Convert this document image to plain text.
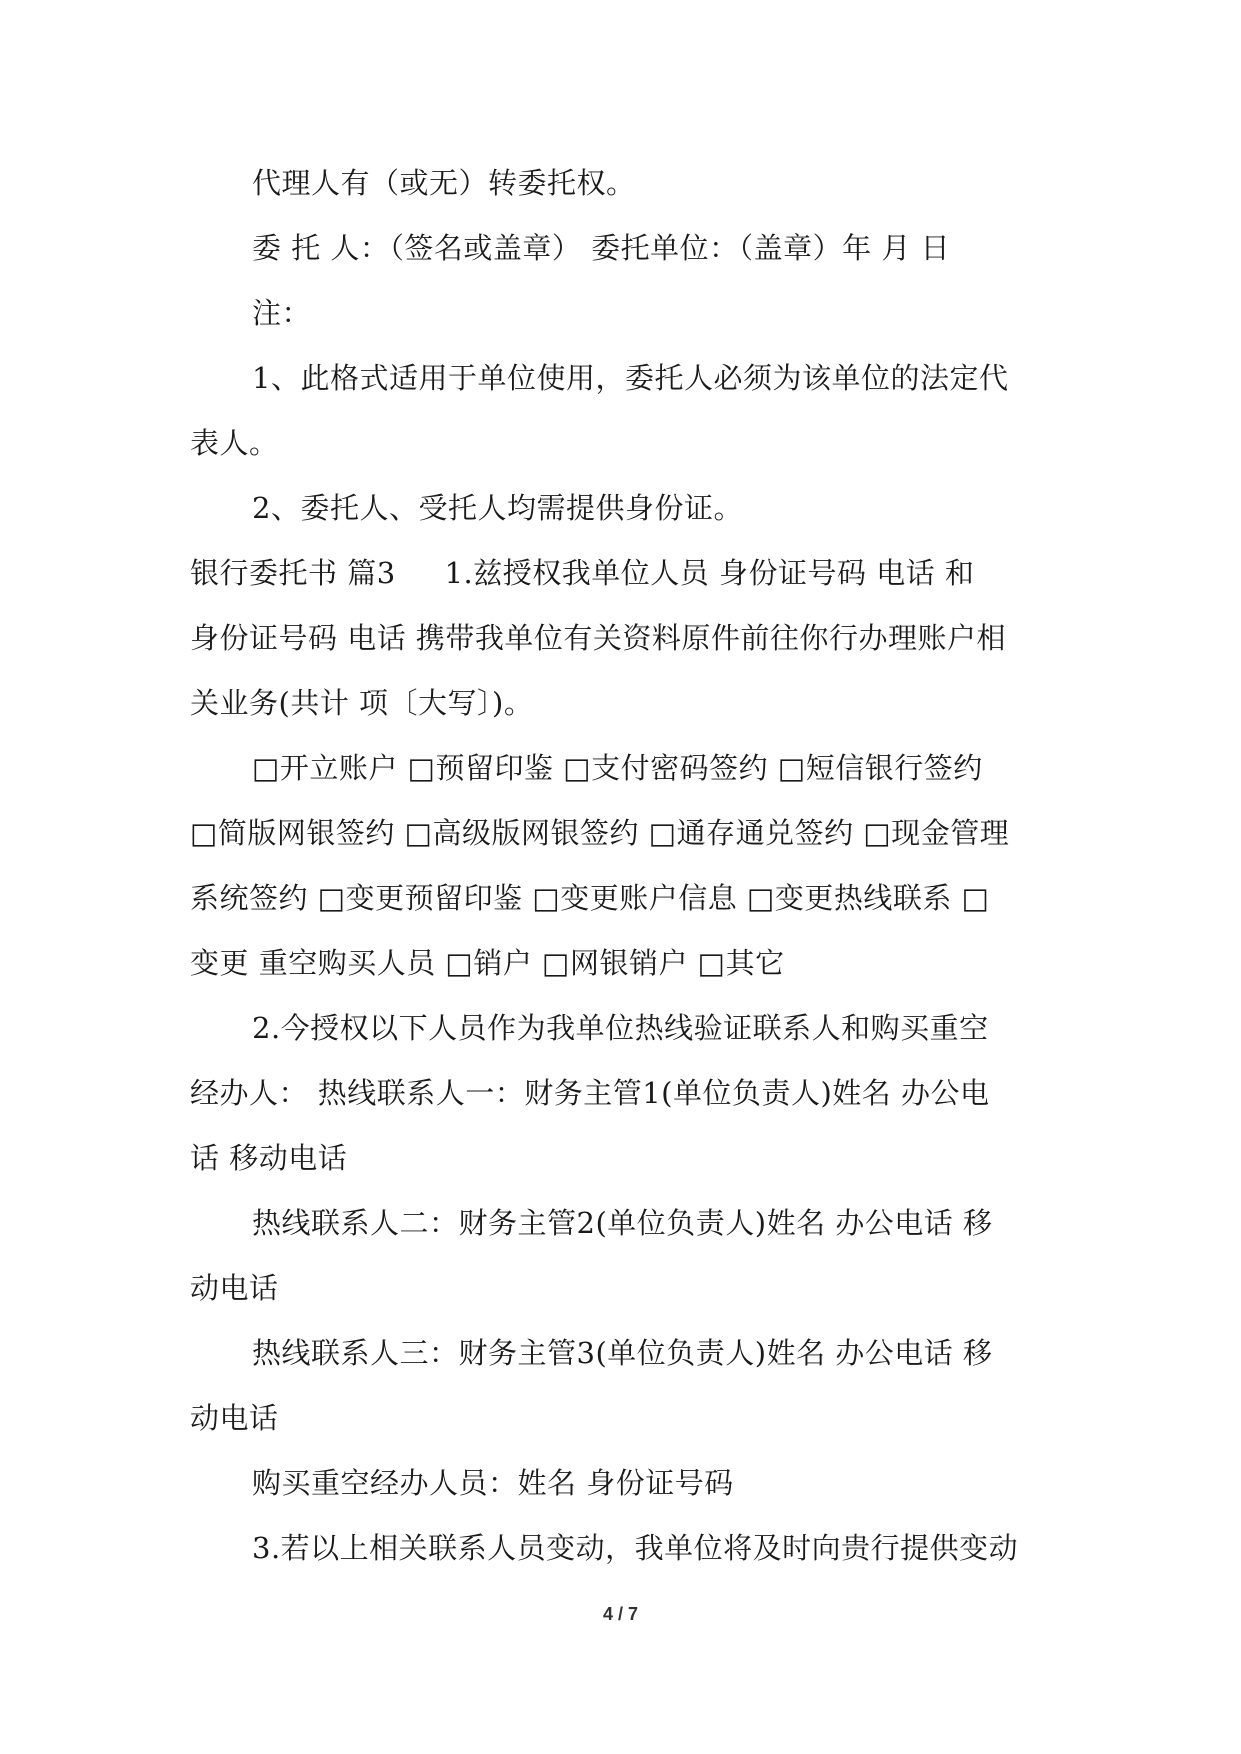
代理人有（或无）转委托权。
委 托 人：（签名或盖章） 委托单位：（盖章）年 月 日
注：
1、此格式适用于单位使用，委托人必须为该单位的法定代
表人。
2、委托人、受托人均需提供身份证。
银行委托书 篇3 　 1.兹授权我单位人员 身份证号码 电话 和
身份证号码 电话 携带我单位有关资料原件前往你行办理账户相
关业务(共计 项〔大写〕)。
□开立账户 □预留印鉴 □支付密码签约 □短信银行签约
□简版网银签约 □高级版网银签约 □通存通兑签约 □现金管理
系统签约 □变更预留印鉴 □变更账户信息 □变更热线联系 □
变更 重空购买人员 □销户 □网银销户 □其它
2.今授权以下人员作为我单位热线验证联系人和购买重空
经办人： 热线联系人一：财务主管1(单位负责人)姓名 办公电
话 移动电话
热线联系人二：财务主管2(单位负责人)姓名 办公电话 移
动电话
热线联系人三：财务主管3(单位负责人)姓名 办公电话 移
动电话
购买重空经办人员：姓名 身份证号码
3.若以上相关联系人员变动，我单位将及时向贵行提供变动
4 / 7
